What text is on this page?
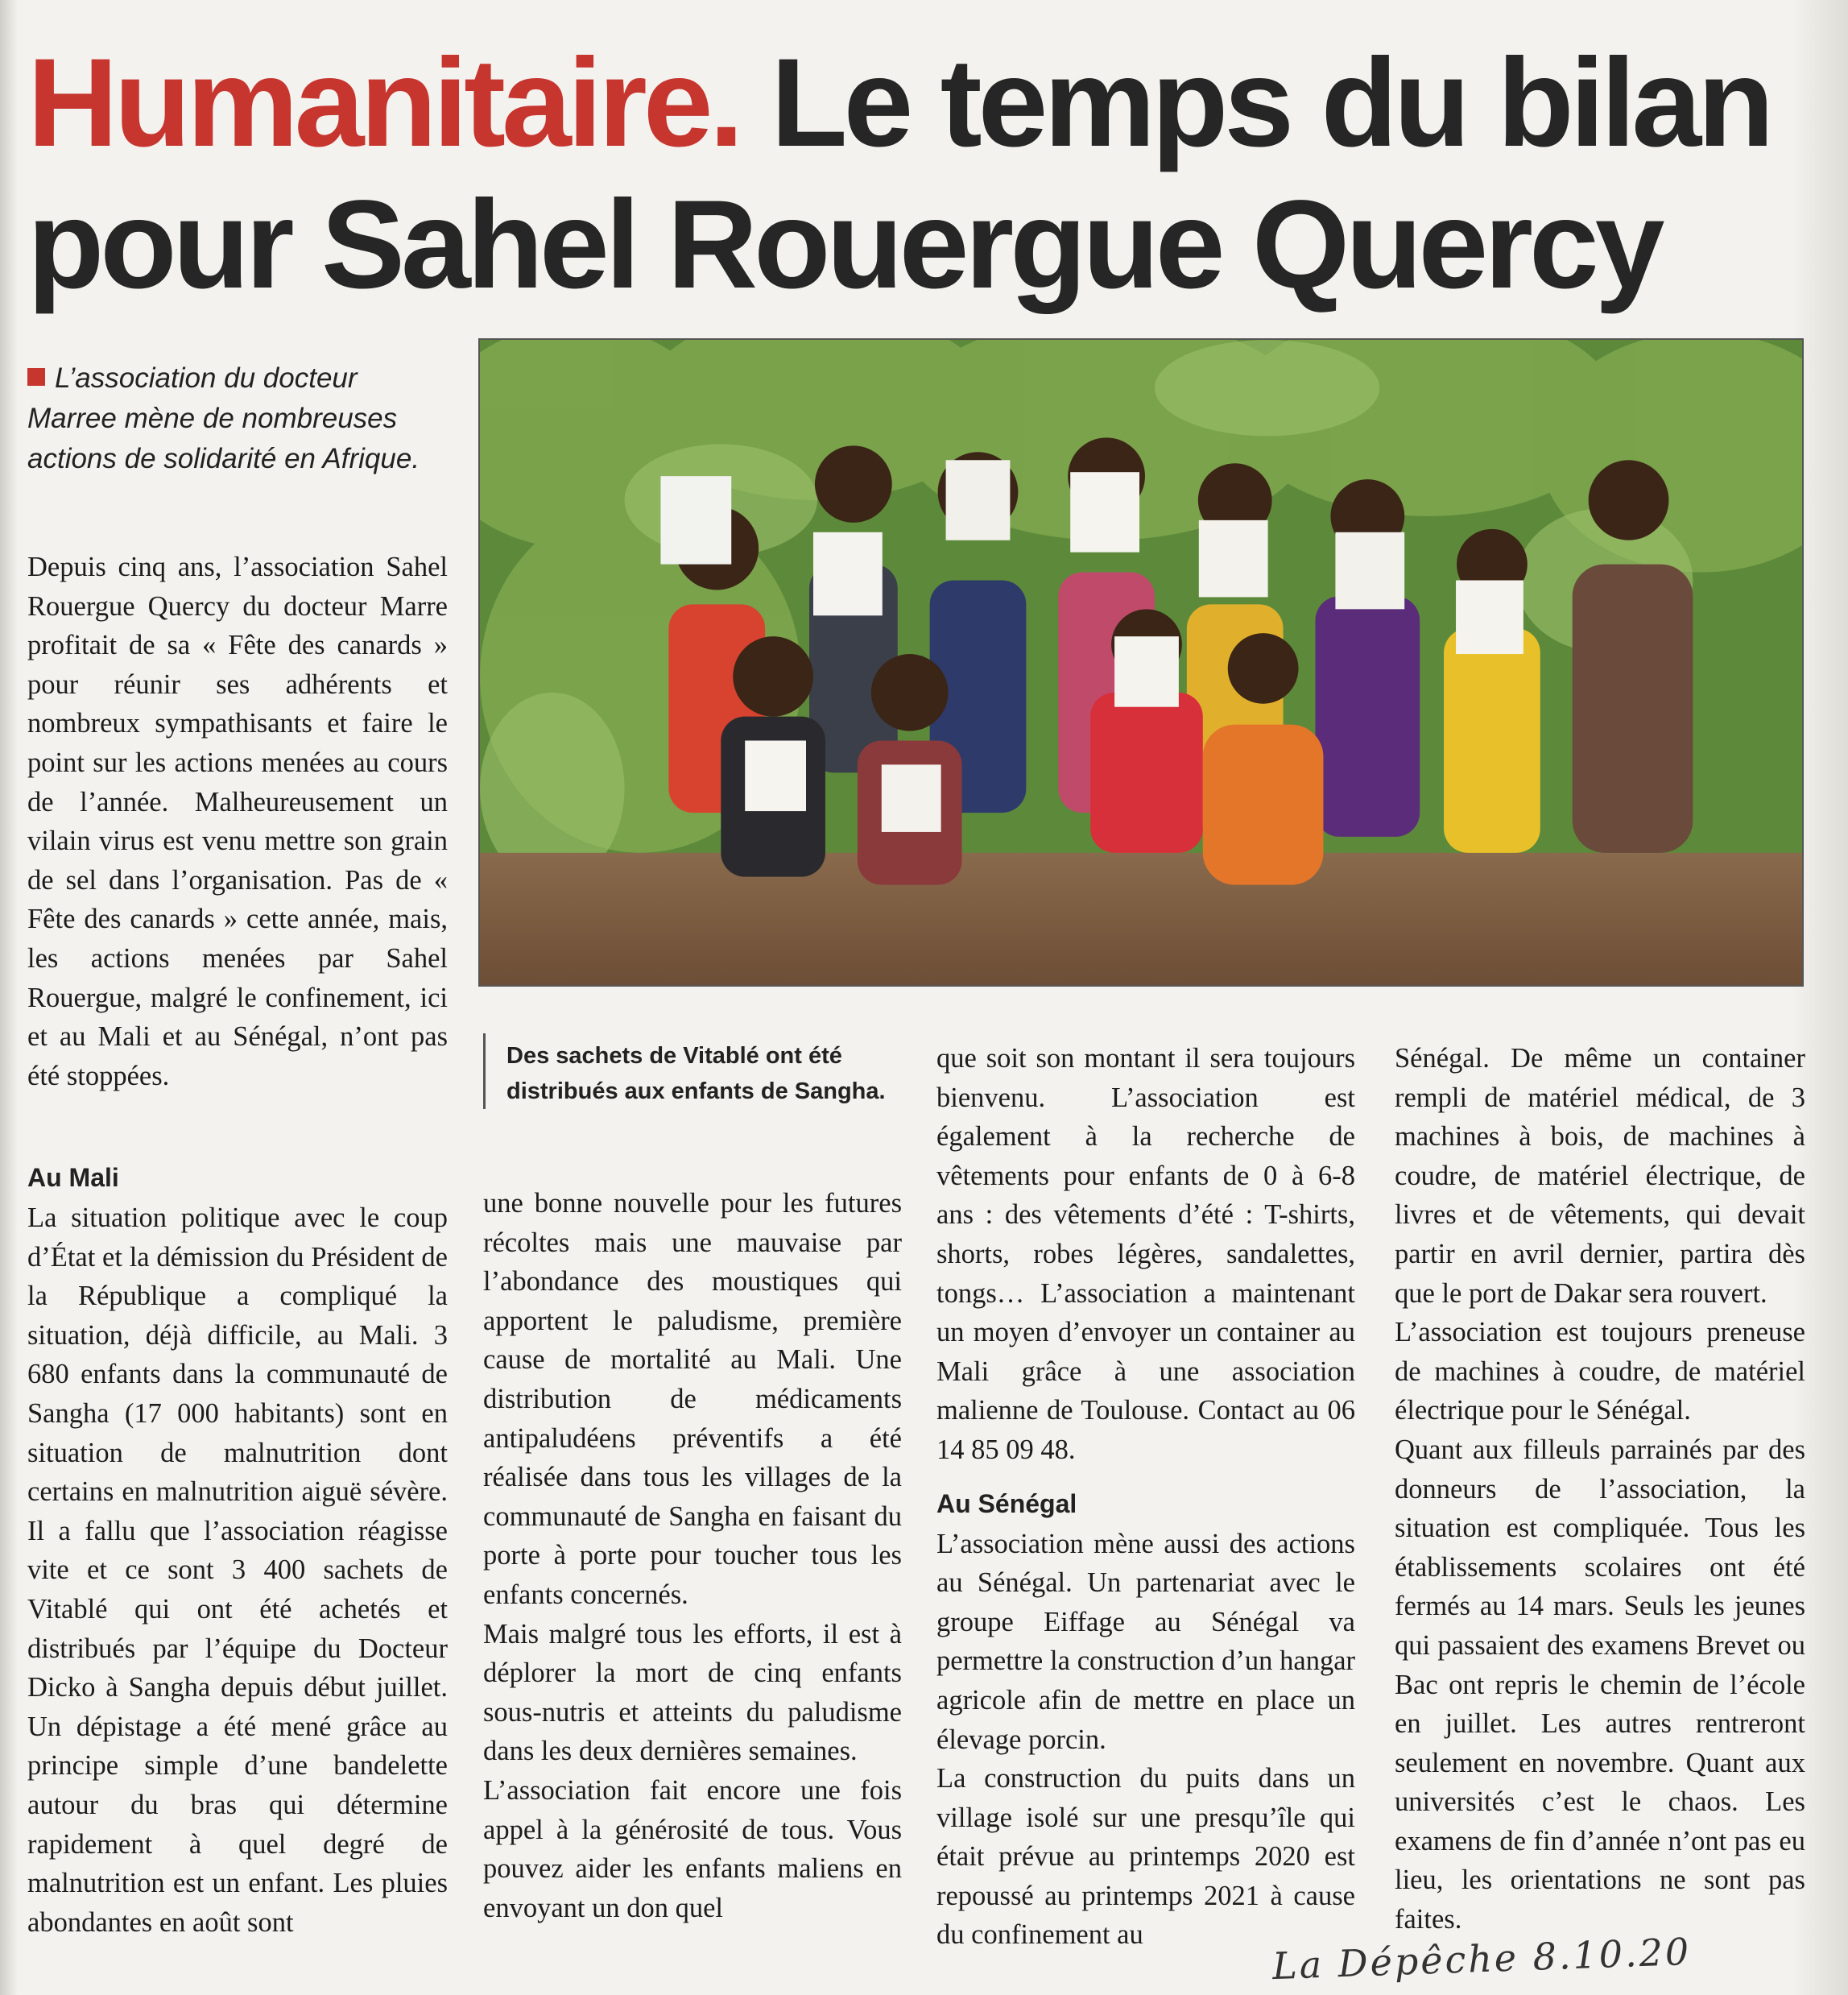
Humanitaire. Le temps du bilan
pour Sahel Rouergue Quercy
L’association du docteur Marree mène de nombreuses actions de solidarité en Afrique.
Des sachets de Vitablé ont été distribués aux enfants de Sangha.

Depuis cinq ans, l’association Sahel Rouergue Quercy du docteur Marre profitait de sa « Fête des canards » pour réunir ses adhérents et nombreux sympathisants et faire le point sur les actions menées au cours de l’année. Malheureusement un vilain virus est venu mettre son grain de sel dans l’organisation. Pas de « Fête des canards » cette année, mais, les actions menées par Sahel Rouergue, malgré le confinement, ici et au Mali et au Sénégal, n’ont pas été stoppées.

Au Mali

La situation politique avec le coup d’État et la démission du Président de la République a compliqué la situation, déjà difficile, au Mali. 3 680 enfants dans la communauté de Sangha (17 000 habitants) sont en situation de malnutrition dont certains en malnutrition aiguë sévère. Il a fallu que l’association réagisse vite et ce sont 3 400 sachets de Vitablé qui ont été achetés et distribués par l’équipe du Docteur Dicko à Sangha depuis début juillet. Un dépistage a été mené grâce au principe simple d’une bandelette autour du bras qui détermine rapidement à quel degré de malnutrition est un enfant. Les pluies abondantes en août sont

une bonne nouvelle pour les futures récoltes mais une mauvaise par l’abondance des moustiques qui apportent le paludisme, première cause de mortalité au Mali. Une distribution de médicaments antipaludéens préventifs a été réalisée dans tous les villages de la communauté de Sangha en faisant du porte à porte pour toucher tous les enfants concernés.

Mais malgré tous les efforts, il est à déplorer la mort de cinq enfants sous-nutris et atteints du paludisme dans les deux dernières semaines.

L’association fait encore une fois appel à la générosité de tous. Vous pouvez aider les enfants maliens en envoyant un don quel

que soit son montant il sera toujours bienvenu. L’association est également à la recherche de vêtements pour enfants de 0 à 6-8 ans : des vêtements d’été : T-shirts, shorts, robes légères, sandalettes, tongs… L’association a maintenant un moyen d’envoyer un container au Mali grâce à une association malienne de Toulouse. Contact au 06 14 85 09 48.

Au Sénégal

L’association mène aussi des actions au Sénégal. Un partenariat avec le groupe Eiffage au Sénégal va permettre la construction d’un hangar agricole afin de mettre en place un élevage porcin.

La construction du puits dans un village isolé sur une presqu’île qui était prévue au printemps 2020 est repoussé au printemps 2021 à cause du confinement au

Sénégal. De même un container rempli de matériel médical, de 3 machines à bois, de machines à coudre, de matériel électrique, de livres et de vêtements, qui devait partir en avril dernier, partira dès que le port de Dakar sera rouvert.

L’association est toujours preneuse de machines à coudre, de matériel électrique pour le Sénégal.

Quant aux filleuls parrainés par des donneurs de l’association, la situation est compliquée. Tous les établissements scolaires ont été fermés au 14 mars. Seuls les jeunes qui passaient des examens Brevet ou Bac ont repris le chemin de l’école en juillet. Les autres rentreront seulement en novembre. Quant aux universités c’est le chaos. Les examens de fin d’année n’ont pas eu lieu, les orientations ne sont pas faites.

La Dépêche 8.10.20
